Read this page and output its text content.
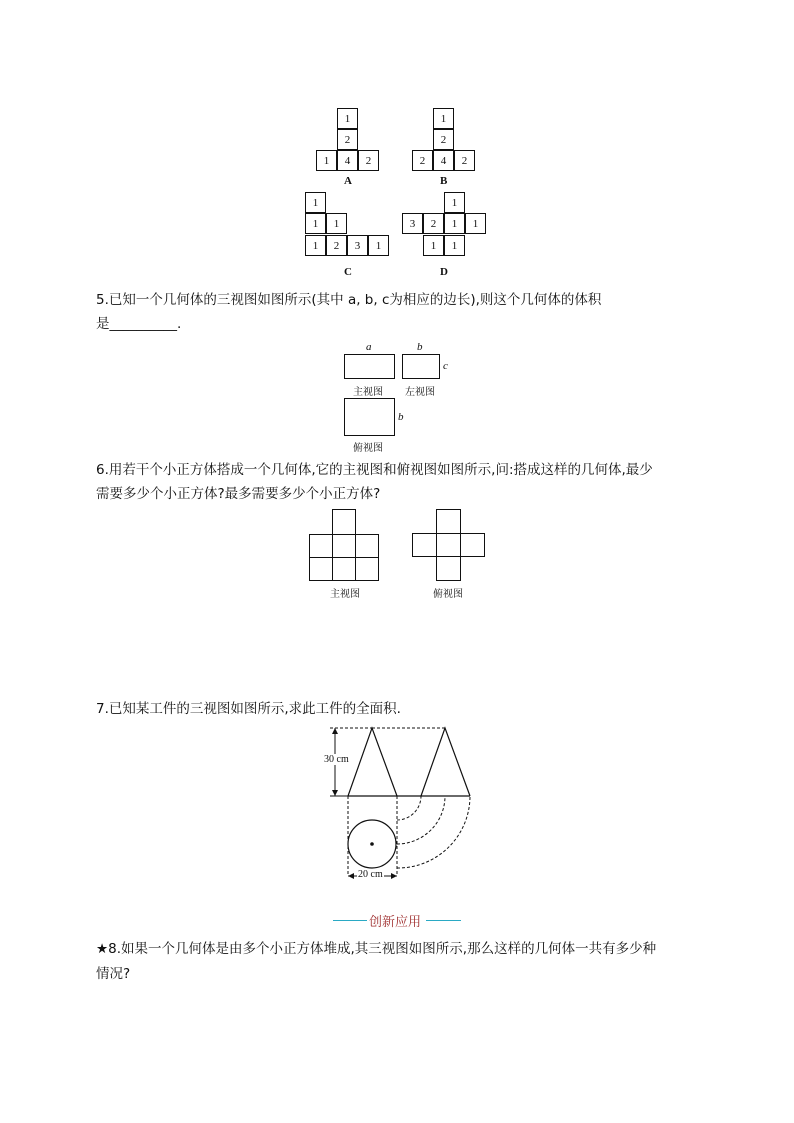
1
2
1	4	2
A
1
2
2	4	2
B
1
1	1
1	2	3	1
C
1
3	2	1	1
1	1
D
5.已知一个几何体的三视图如图所示(其中 a, b, c为相应的边长),则这个几何体的体积
是__________.
a	b
c
主视图 左视图
b
俯视图
6.用若干个小正方体搭成一个几何体,它的主视图和俯视图如图所示,问:搭成这样的几何体,最少
需要多少个小正方体?最多需要多少个小正方体?
主视图	俯视图
7.已知某工件的三视图如图所示,求此工件的全面积.
30 cm
20 cm
创新应用
★8.如果一个几何体是由多个小正方体堆成,其三视图如图所示,那么这样的几何体一共有多少种
情况?
